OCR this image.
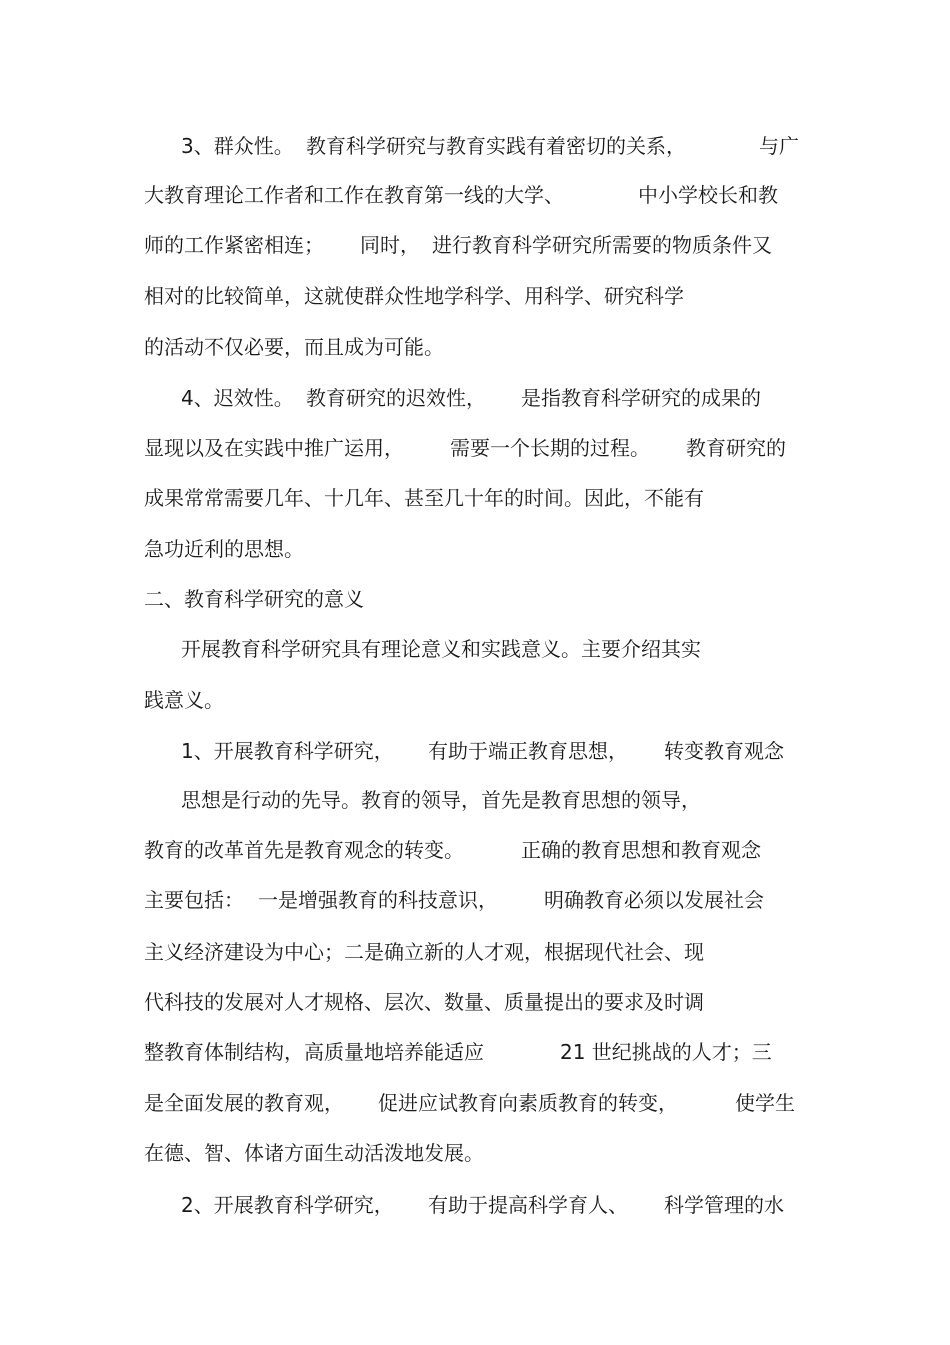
3、群众性。 教育科学研究与教育实践有着密切的关系，	与广
大教育理论工作者和工作在教育第一线的大学、	中小学校长和教
师的工作紧密相连； 同时， 进行教育科学研究所需要的物质条件又
相对的比较简单，这就使群众性地学科学、用科学、研究科学
的活动不仅必要，而且成为可能。
4、迟效性。 教育研究的迟效性， 是指教育科学研究的成果的
显现以及在实践中推广运用， 需要一个长期的过程。 教育研究的
成果常常需要几年、十几年、甚至几十年的时间。因此，不能有
急功近利的思想。
二、教育科学研究的意义
开展教育科学研究具有理论意义和实践意义。主要介绍其实
践意义。
1、开展教育科学研究， 有助于端正教育思想， 转变教育观念
思想是行动的先导。教育的领导，首先是教育思想的领导，
教育的改革首先是教育观念的转变。	正确的教育思想和教育观念
主要包括： 一是增强教育的科技意识， 明确教育必须以发展社会
主义经济建设为中心；二是确立新的人才观，根据现代社会、现
代科技的发展对人才规格、层次、数量、质量提出的要求及时调
整教育体制结构，高质量地培养能适应	21 世纪挑战的人才；三
是全面发展的教育观， 促进应试教育向素质教育的转变，	使学生
在德、智、体诸方面生动活泼地发展。
2、开展教育科学研究， 有助于提高科学育人、 科学管理的水
